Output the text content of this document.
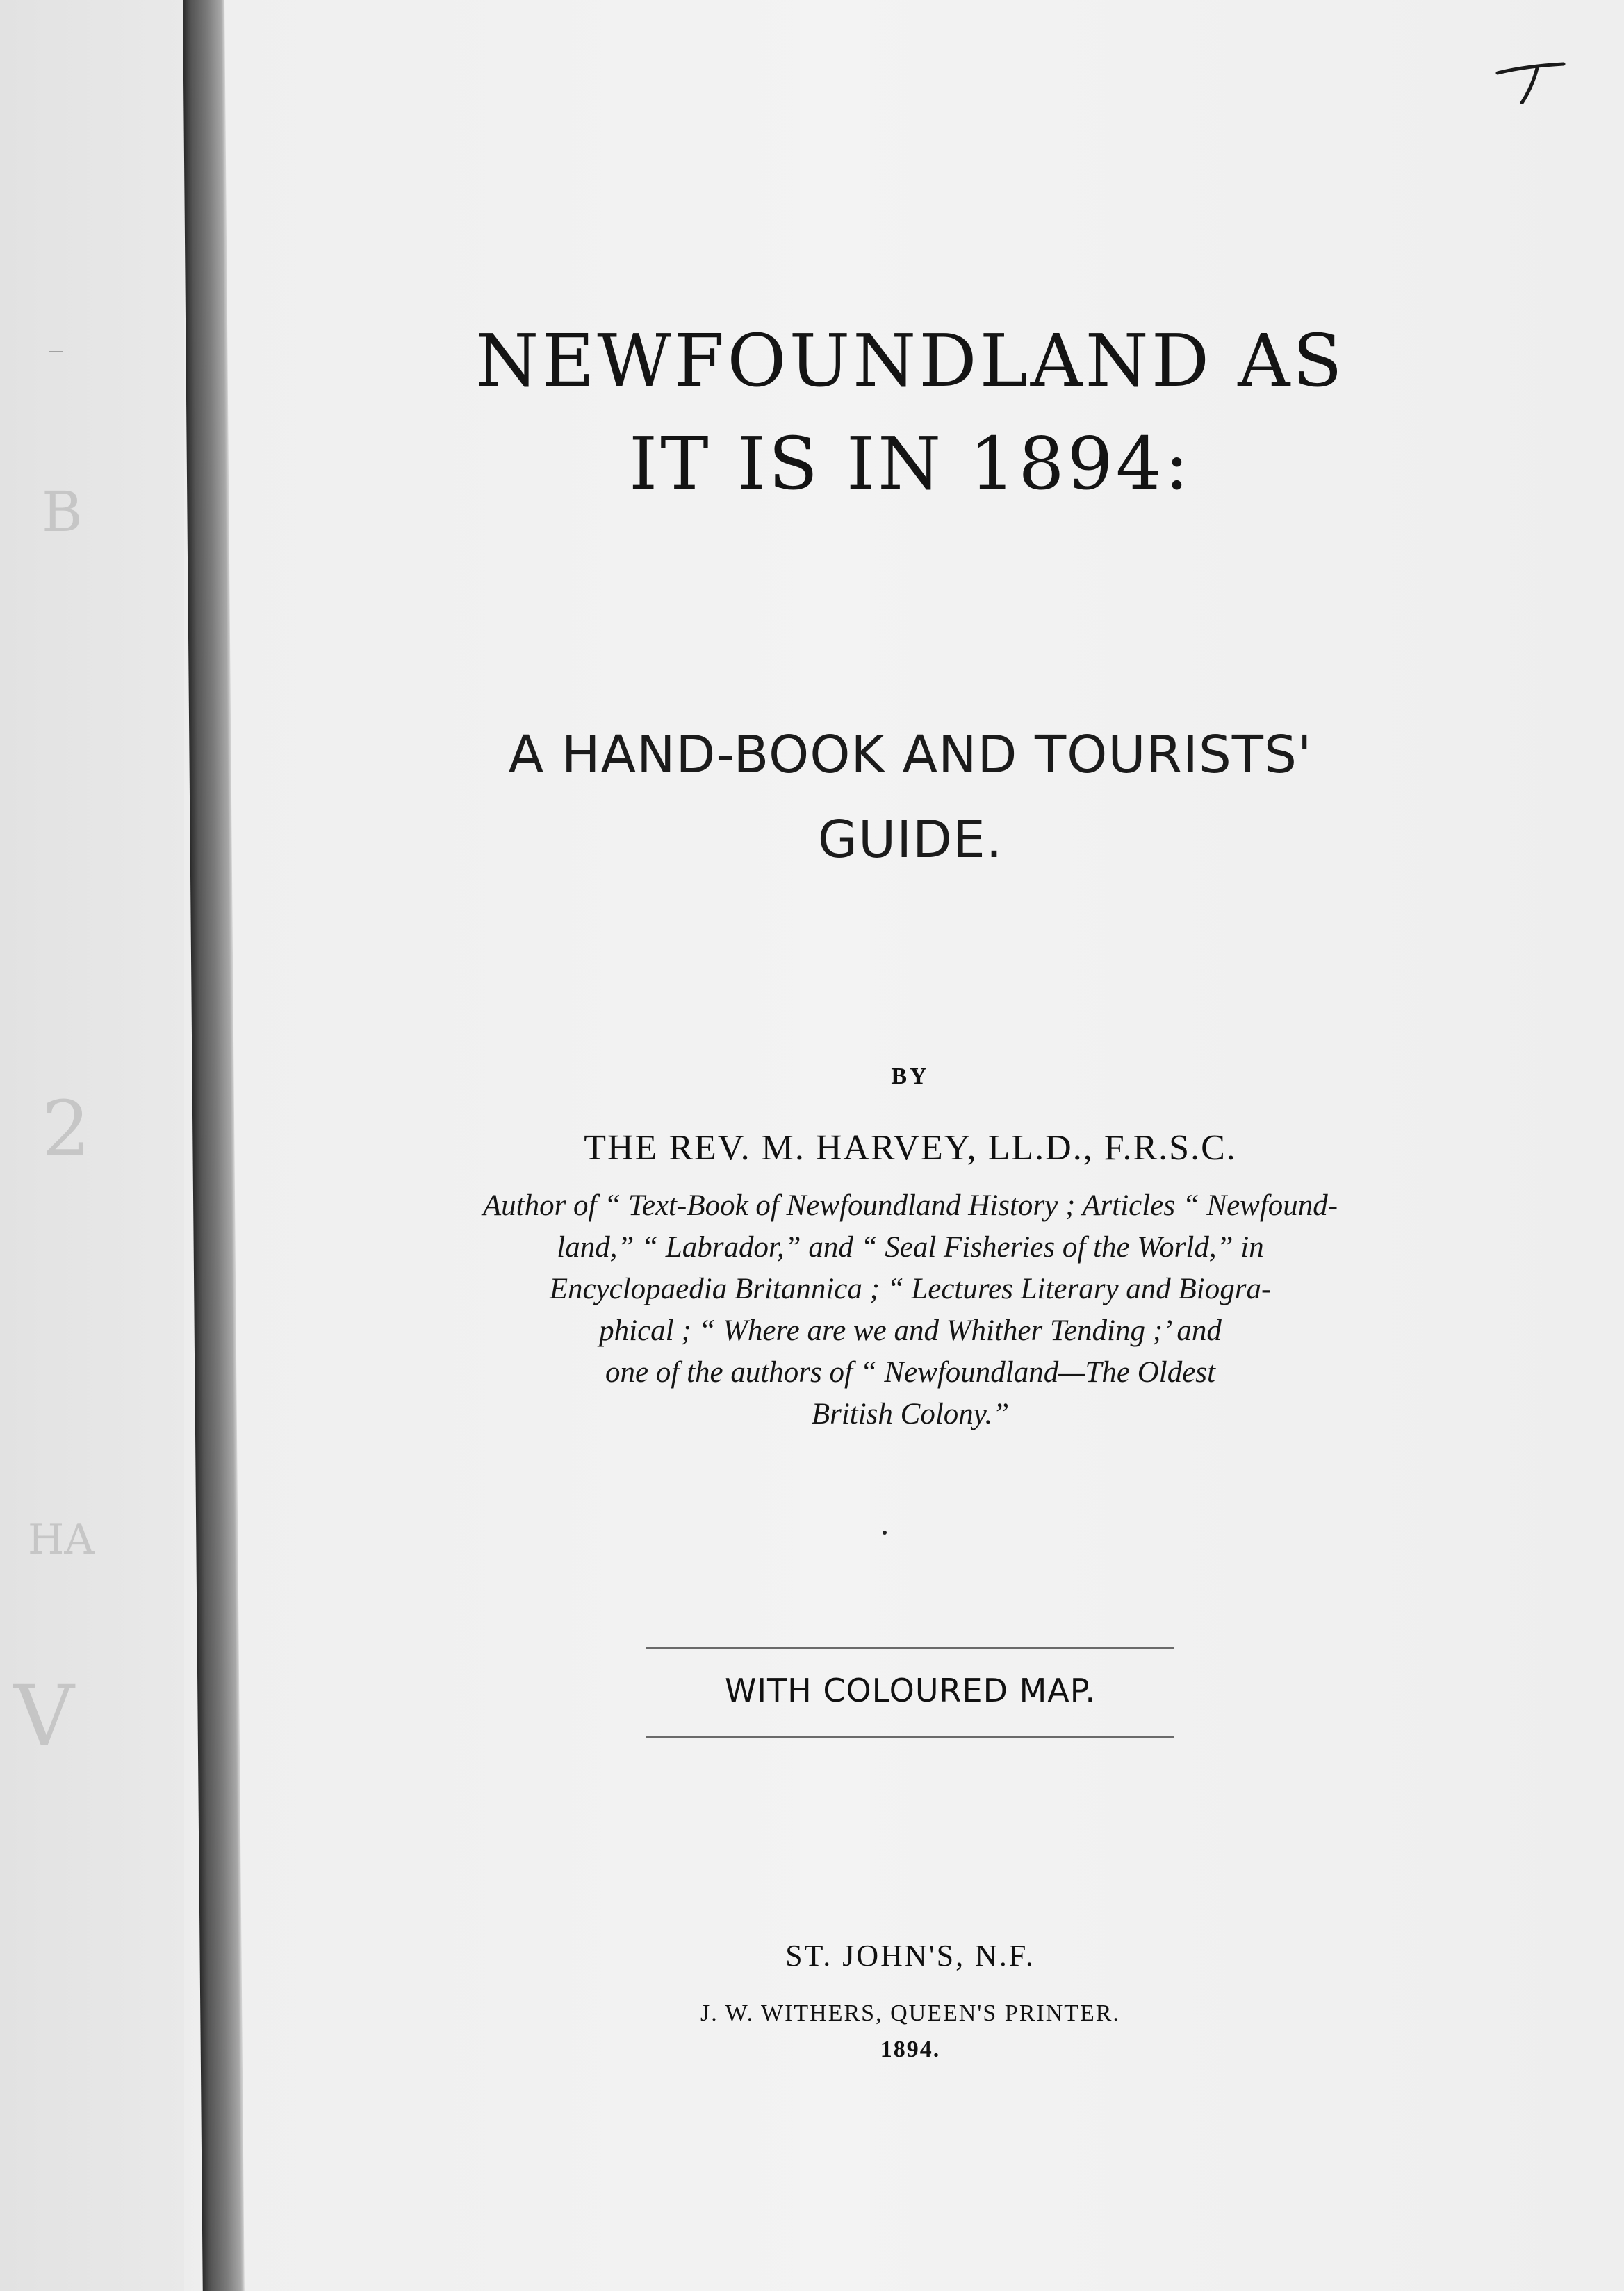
B
2
HA
V
NEWFOUNDLAND AS
IT IS IN 1894:
A HAND-BOOK AND TOURISTS'
GUIDE.
BY
THE REV. M. HARVEY, LL.D., F.R.S.C.
Author of “ Text-Book of Newfoundland History ; Articles “ Newfound-
land,” “ Labrador,” and “ Seal Fisheries of the World,” in
Encyclopaedia Britannica ; “ Lectures Literary and Biogra-
phical ; “ Where are we and Whither Tending ;’ and
one of the authors of “ Newfoundland—The Oldest
British Colony.”
WITH COLOURED MAP.
ST. JOHN'S, N.F.
J. W. WITHERS, QUEEN'S PRINTER.
1894.
